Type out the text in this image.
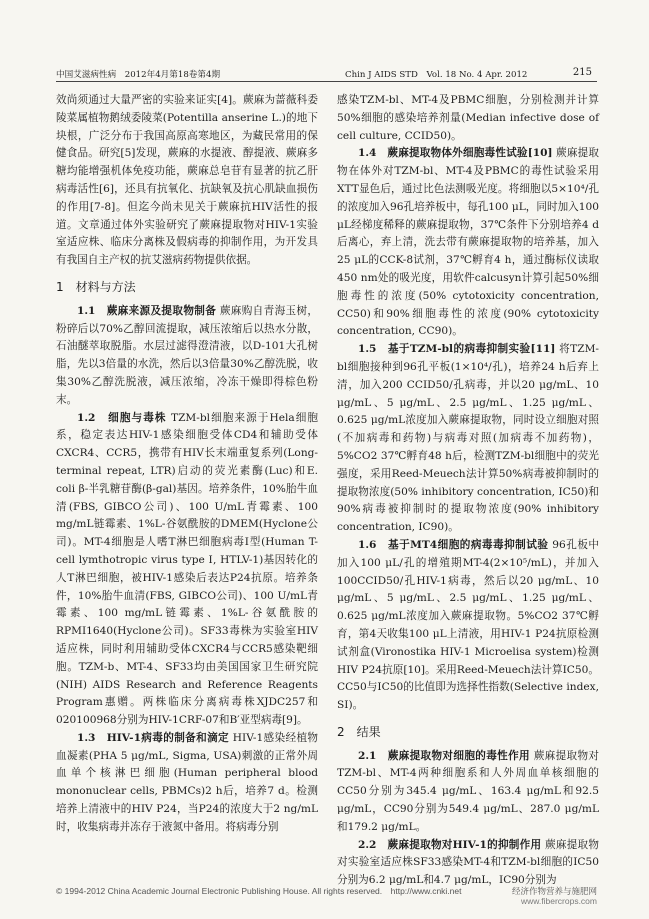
中国艾滋病性病　2012年4月第18卷第4期	Chin J AIDS STD　Vol. 18 No. 4 Apr. 2012	215

效尚须通过大量严密的实验来证实[4]。蕨麻为蔷薇科委陵菜属植物鹅绒委陵菜(Potentilla anserine L.)的地下块根，广泛分布于我国高原高寒地区，为藏民常用的保健食品。研究[5]发现，蕨麻的水提液、醇提液、蕨麻多糖均能增强机体免疫功能，蕨麻总皂苷有显著的抗乙肝病毒活性[6]，还具有抗氧化、抗缺氧及抗心肌缺血损伤的作用[7-8]。但迄今尚未见关于蕨麻抗HIV活性的报道。文章通过体外实验研究了蕨麻提取物对HIV-1实验室适应株、临床分离株及假病毒的抑制作用，为开发具有我国自主产权的抗艾滋病药物提供依据。

1　材料与方法

1.1　蕨麻来源及提取物制备 蕨麻购自青海玉树，粉碎后以70%乙醇回流提取，减压浓缩后以热水分散，石油醚萃取脱脂。水层过滤得澄清液，以D-101大孔树脂，先以3倍量的水洗，然后以3倍量30%乙醇洗脱，收集30%乙醇洗脱液，减压浓缩，冷冻干燥即得棕色粉末。

1.2　细胞与毒株 TZM-bl细胞来源于Hela细胞系，稳定表达HIV-1感染细胞受体CD4和辅助受体CXCR4、CCR5，携带有HIV长末端重复系列(Long-terminal repeat, LTR)启动的荧光素酶(Luc)和E. coli β-半乳糖苷酶(β-gal)基因。培养条件，10%胎牛血清(FBS, GIBCO公司)、100 U/mL青霉素、100 mg/mL链霉素、1%L-谷氨酰胺的DMEM(Hyclone公司)。MT-4细胞是人嗜T淋巴细胞病毒Ⅰ型(Human T-cell lymthotropic virus type Ⅰ, HTLV-1)基因转化的人T淋巴细胞，被HIV-1感染后表达P24抗原。培养条件，10%胎牛血清(FBS, GIBCO公司)、100 U/mL青霉素、100 mg/mL链霉素、1%L-谷氨酰胺的RPMI1640(Hyclone公司)。SF33毒株为实验室HIV适应株，同时利用辅助受体CXCR4与CCR5感染靶细胞。TZM-b、MT-4、SF33均由美国国家卫生研究院(NIH) AIDS Research and Reference Reagents Program惠赠。两株临床分离病毒株XJDC257和020100968分别为HIV-1CRF-07和B′亚型病毒[9]。

1.3　HIV-1病毒的制备和滴定 HIV-1感染经植物血凝素(PHA 5 μg/mL, Sigma, USA)刺激的正常外周血单个核淋巴细胞(Human peripheral blood mononuclear cells, PBMCs)2 h后，培养7 d。检测培养上清液中的HIV P24，当P24的浓度大于2 ng/mL时，收集病毒并冻存于液氮中备用。将病毒分别

感染TZM-bl、MT-4及PBMC细胞，分别检测并计算50%细胞的感染培养剂量(Median infective dose of cell culture, CCID50)。

1.4　蕨麻提取物体外细胞毒性试验[10] 蕨麻提取物在体外对TZM-bl、MT-4及PBMC的毒性试验采用XTT显色后，通过比色法测吸光度。将细胞以5×10⁴/孔的浓度加入96孔培养板中，每孔100 μL，同时加入100 μL经梯度稀释的蕨麻提取物，37℃条件下分别培养4 d后离心，弃上清，洗去带有蕨麻提取物的培养基，加入25 μL的CCK-8试剂，37℃孵育4 h，通过酶标仪读取450 nm处的吸光度，用软件calcusyn计算引起50%细胞毒性的浓度(50% cytotoxicity concentration, CC50)和90%细胞毒性的浓度(90% cytotoxicity concentration, CC90)。

1.5　基于TZM-bl的病毒抑制实验[11] 将TZM-bl细胞接种到96孔平板(1×10⁴/孔)，培养24 h后弃上清，加入200 CCID50/孔病毒，并以20 μg/mL、10 μg/mL、5 μg/mL、2.5 μg/mL、1.25 μg/mL、0.625 μg/mL浓度加入蕨麻提取物，同时设立细胞对照(不加病毒和药物)与病毒对照(加病毒不加药物)，5%CO2 37℃孵育48 h后，检测TZM-bl细胞中的荧光强度，采用Reed-Meuech法计算50%病毒被抑制时的提取物浓度(50% inhibitory concentration, IC50)和90%病毒被抑制时的提取物浓度(90% inhibitory concentration, IC90)。

1.6　基于MT4细胞的病毒毒抑制试验 96孔板中加入100 μL/孔的增殖期MT-4(2×10⁵/mL)，并加入100CCID50/孔HIV-1病毒，然后以20 μg/mL、10 μg/mL、5 μg/mL、2.5 μg/mL、1.25 μg/mL、0.625 μg/mL浓度加入蕨麻提取物。5%CO2 37℃孵育，第4天收集100 μL上清液，用HIV-1 P24抗原检测试剂盒(Vironostika HIV-1 Microelisa system)检测HIV P24抗原[10]。采用Reed-Meuech法计算IC50。CC50与IC50的比值即为选择性指数(Selective index, SI)。

2　结果

2.1　蕨麻提取物对细胞的毒性作用 蕨麻提取物对TZM-bl、MT-4两种细胞系和人外周血单核细胞的CC50分别为345.4 μg/mL、163.4 μg/mL和92.5 μg/mL，CC90分别为549.4 μg/mL、287.0 μg/mL和179.2 μg/mL。

2.2　蕨麻提取物对HIV-1的抑制作用 蕨麻提取物对实验室适应株SF33感染MT-4和TZM-bl细胞的IC50分别为6.2 μg/mL和4.7 μg/mL，IC90分别为

© 1994-2012 China Academic Journal Electronic Publishing House. All rights reserved.　http://www.cnki.net	经济作物营养与施肥网
www.fibercrops.com
